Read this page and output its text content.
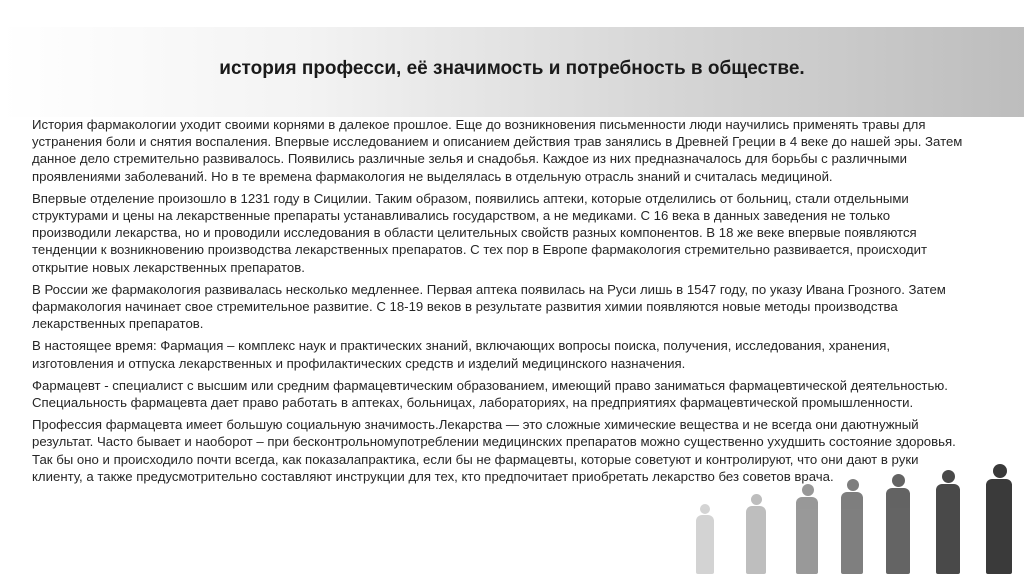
история професси, её значимость и потребность в обществе.

История фармакологии уходит своими корнями в далекое прошлое. Еще до возникновения письменности люди научились применять травы для устранения боли и снятия воспаления. Впервые исследованием и описанием действия трав занялись в Древней Греции в 4 веке до нашей эры. Затем данное дело стремительно развивалось. Появились различные зелья и снадобья. Каждое из них предназначалось для борьбы с различными проявлениями заболеваний. Но в те времена фармакология не выделялась в отдельную отрасль знаний и считалась медициной.

Впервые отделение произошло в 1231 году в Сицилии. Таким образом, появились аптеки, которые отделились от больниц, стали отдельными структурами и цены на лекарственные препараты устанавливались государством, а не медиками. С 16 века в данных заведения не только производили лекарства, но и проводили исследования в области целительных свойств разных компонентов. В 18 же веке впервые появляются тенденции к возникновению производства лекарственных препаратов. С тех пор в Европе фармакология стремительно развивается, происходит открытие новых лекарственных препаратов.

В России же фармакология развивалась несколько медленнее. Первая аптека появилась на Руси лишь в 1547 году, по указу Ивана Грозного. Затем фармакология начинает свое стремительное развитие. С 18-19 веков в результате развития химии появляются новые методы производства лекарственных препаратов.

В настоящее время: Фармация – комплекс наук и практических знаний, включающих вопросы поиска, получения, исследования, хранения, изготовления и отпуска лекарственных и профилактических средств и изделий медицинского назначения.

Фармацевт - специалист с высшим или средним фармацевтическим образованием, имеющий право заниматься фармацевтической деятельностью. Специальность фармацевта дает право работать в аптеках, больницах, лабораториях, на предприятиях фармацевтической промышленности.

Профессия фармацевта имеет большую социальную значимость.Лекарства — это сложные химические вещества и не всегда они даютнужный результат. Часто бывает и наоборот – при бесконтрольномупотреблении медицинских препаратов можно существенно ухудшить состояние здоровья. Так бы оно и происходило почти всегда, как показалапрактика, если бы не фармацевты, которые советуют и контролируют, что они дают в руки клиенту, а также предусмотрительно составляют инструкции для тех, кто предпочитает приобретать лекарство без советов врача.
